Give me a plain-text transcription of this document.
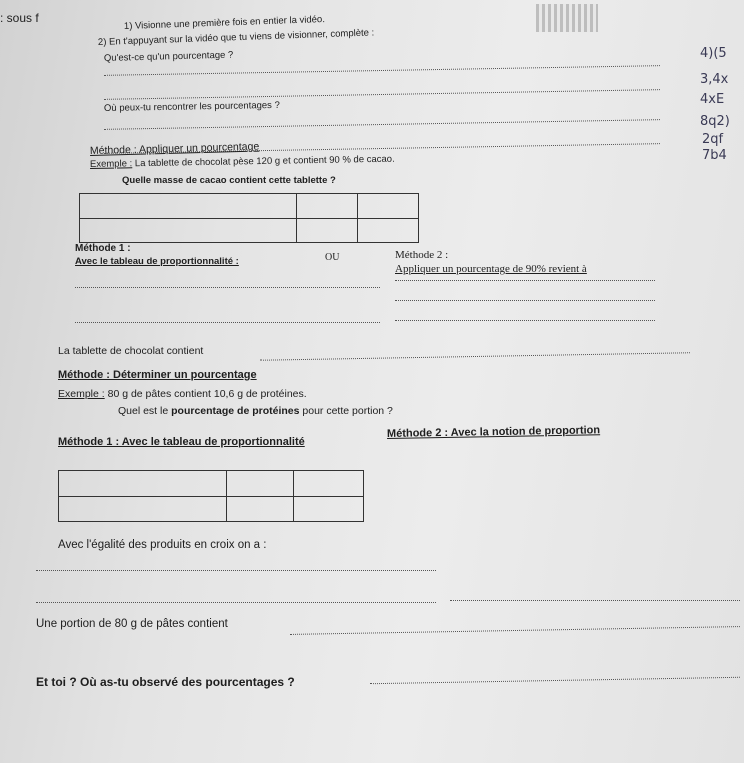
: sous f	1) Visionne une première fois en entier la vidéo.
2) En t'appuyant sur la vidéo que tu viens de visionner, complète :
Qu'est-ce qu'un pourcentage ?
Où peux-tu rencontrer les pourcentages ?
Méthode : Appliquer un pourcentage
Exemple : La tablette de chocolat pèse 120 g et contient 90 % de cacao.
Quelle masse de cacao contient cette tablette ?

Méthode 1 :
Avec le tableau de proportionnalité :	OU	Méthode 2 :
Appliquer un pourcentage de 90% revient à
La tablette de chocolat contient
Méthode : Déterminer un pourcentage
Exemple : 80 g de pâtes contient 10,6 g de protéines.
Quel est le pourcentage de protéines pour cette portion ?
Méthode 1 : Avec le tableau de proportionnalité
Méthode 2 : Avec la notion de proportion

Avec l'égalité des produits en croix on a :
Une portion de 80 g de pâtes contient
Et toi ? Où as-tu observé des pourcentages ?
4)(5
3,4x
4xE
8q2)
2qf
7b4
